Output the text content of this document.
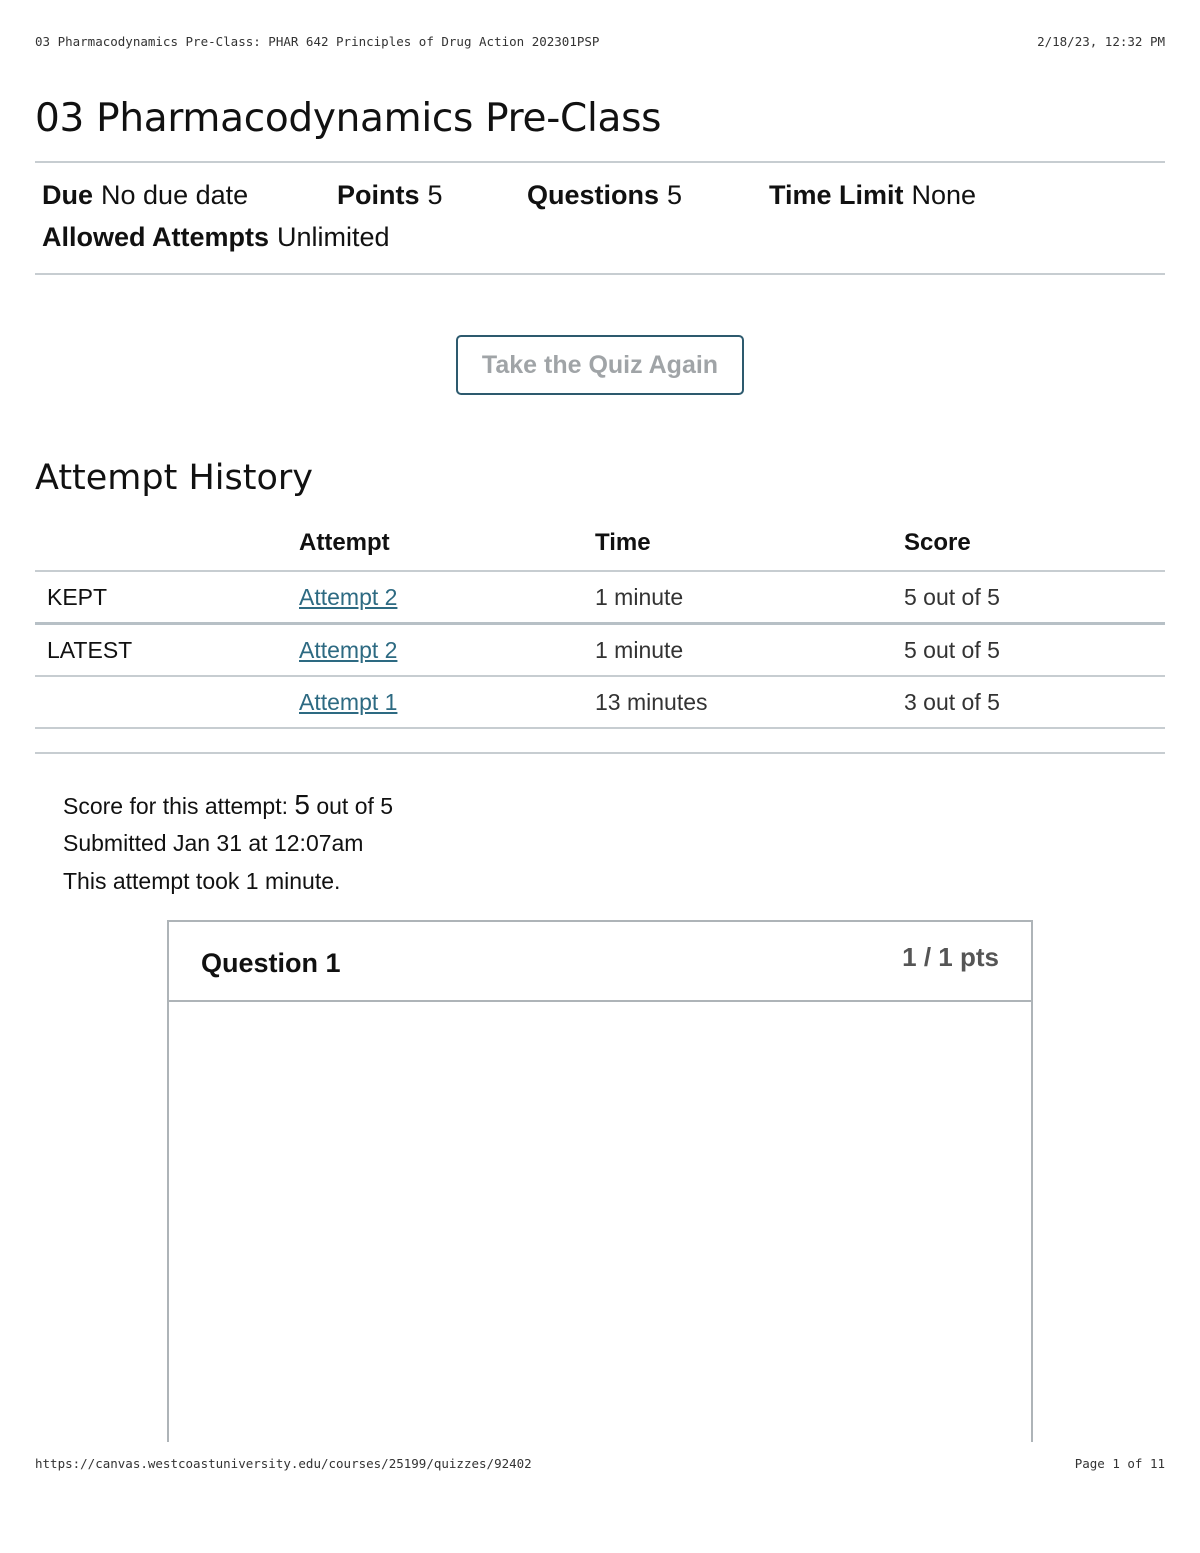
03 Pharmacodynamics Pre-Class: PHAR 642 Principles of Drug Action 202301PSP	2/18/23, 12:32 PM
03 Pharmacodynamics Pre-Class
Due No due date	Points 5	Questions 5	Time Limit None
Allowed Attempts Unlimited
Take the Quiz Again
Attempt History
Attempt	Time	Score
KEPT	Attempt 2	1 minute	5 out of 5
LATEST	Attempt 2	1 minute	5 out of 5
Attempt 1	13 minutes	3 out of 5
Score for this attempt: 5 out of 5
Submitted Jan 31 at 12:07am
This attempt took 1 minute.
Question 1	1 / 1 pts
https://canvas.westcoastuniversity.edu/courses/25199/quizzes/92402	Page 1 of 11
